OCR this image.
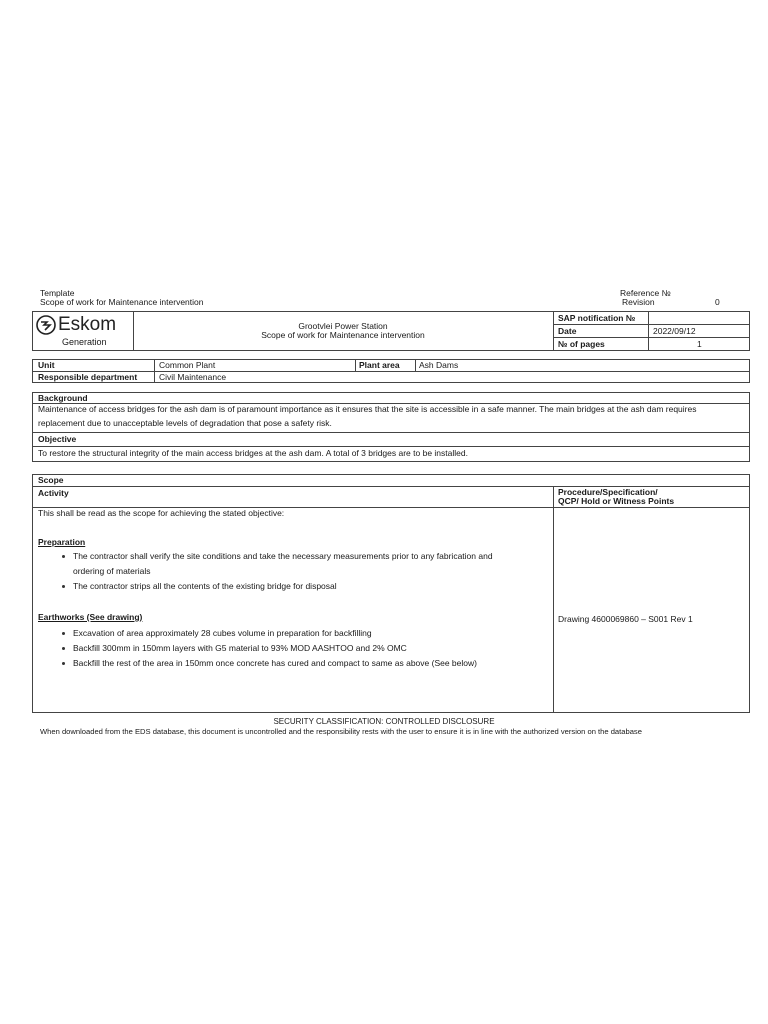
Template
Scope of work for Maintenance intervention
Reference №
Revision	0
Eskom
Generation
Grootvlei Power Station
Scope of work for Maintenance intervention
SAP notification №
Date	2022/09/12
№ of pages	1
Unit	Common Plant	Plant area Ash Dams
Responsible department	Civil Maintenance
Background
Maintenance of access bridges for the ash dam is of paramount importance as it ensures that the site is accessible in a safe manner. The main bridges at the ash dam requires
replacement due to unacceptable levels of degradation that pose a safety risk.
Objective
To restore the structural integrity of the main access bridges at the ash dam. A total of 3 bridges are to be installed.
Scope
Activity	Procedure/Specification/
QCP/ Hold or Witness Points
This shall be read as the scope for achieving the stated objective:
Preparation
The contractor shall verify the site conditions and take the necessary measurements prior to any fabrication and
ordering of materials
The contractor strips all the contents of the existing bridge for disposal
Earthworks (See drawing)
Excavation of area approximately 28 cubes volume in preparation for backfilling
Backfill 300mm in 150mm layers with G5 material to 93% MOD AASHTOO and 2% OMC
Backfill the rest of the area in 150mm once concrete has cured and compact to same as above (See below)
Drawing 4600069860 – S001 Rev 1
SECURITY CLASSIFICATION: CONTROLLED DISCLOSURE
When downloaded from the EDS database, this document is uncontrolled and the responsibility rests with the user to ensure it is in line with the authorized version on the database
